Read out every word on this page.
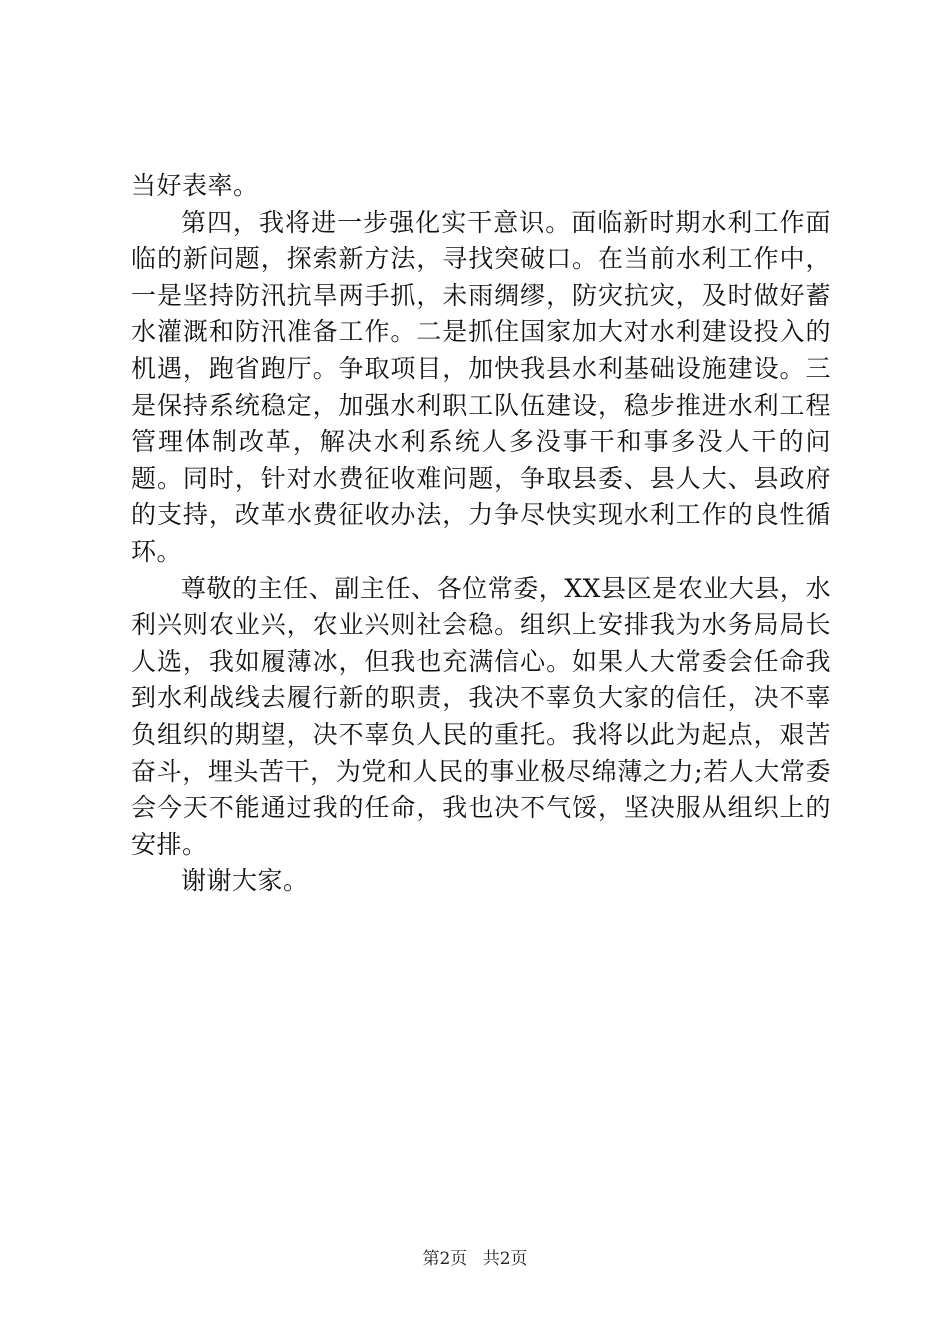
当好表率。

第四，我将进一步强化实干意识。面临新时期水利工作面临的新问题，探索新方法，寻找突破口。在当前水利工作中，一是坚持防汛抗旱两手抓，未雨绸缪，防灾抗灾，及时做好蓄水灌溉和防汛准备工作。二是抓住国家加大对水利建设投入的机遇，跑省跑厅。争取项目，加快我县水利基础设施建设。三是保持系统稳定，加强水利职工队伍建设，稳步推进水利工程管理体制改革，解决水利系统人多没事干和事多没人干的问题。同时，针对水费征收难问题，争取县委、县人大、县政府的支持，改革水费征收办法，力争尽快实现水利工作的良性循环。

尊敬的主任、副主任、各位常委，XX县区是农业大县，水利兴则农业兴，农业兴则社会稳。组织上安排我为水务局局长人选，我如履薄冰，但我也充满信心。如果人大常委会任命我到水利战线去履行新的职责，我决不辜负大家的信任，决不辜负组织的期望，决不辜负人民的重托。我将以此为起点，艰苦奋斗，埋头苦干，为党和人民的事业极尽绵薄之力;若人大常委会今天不能通过我的任命，我也决不气馁，坚决服从组织上的安排。

谢谢大家。

第2页 共2页
